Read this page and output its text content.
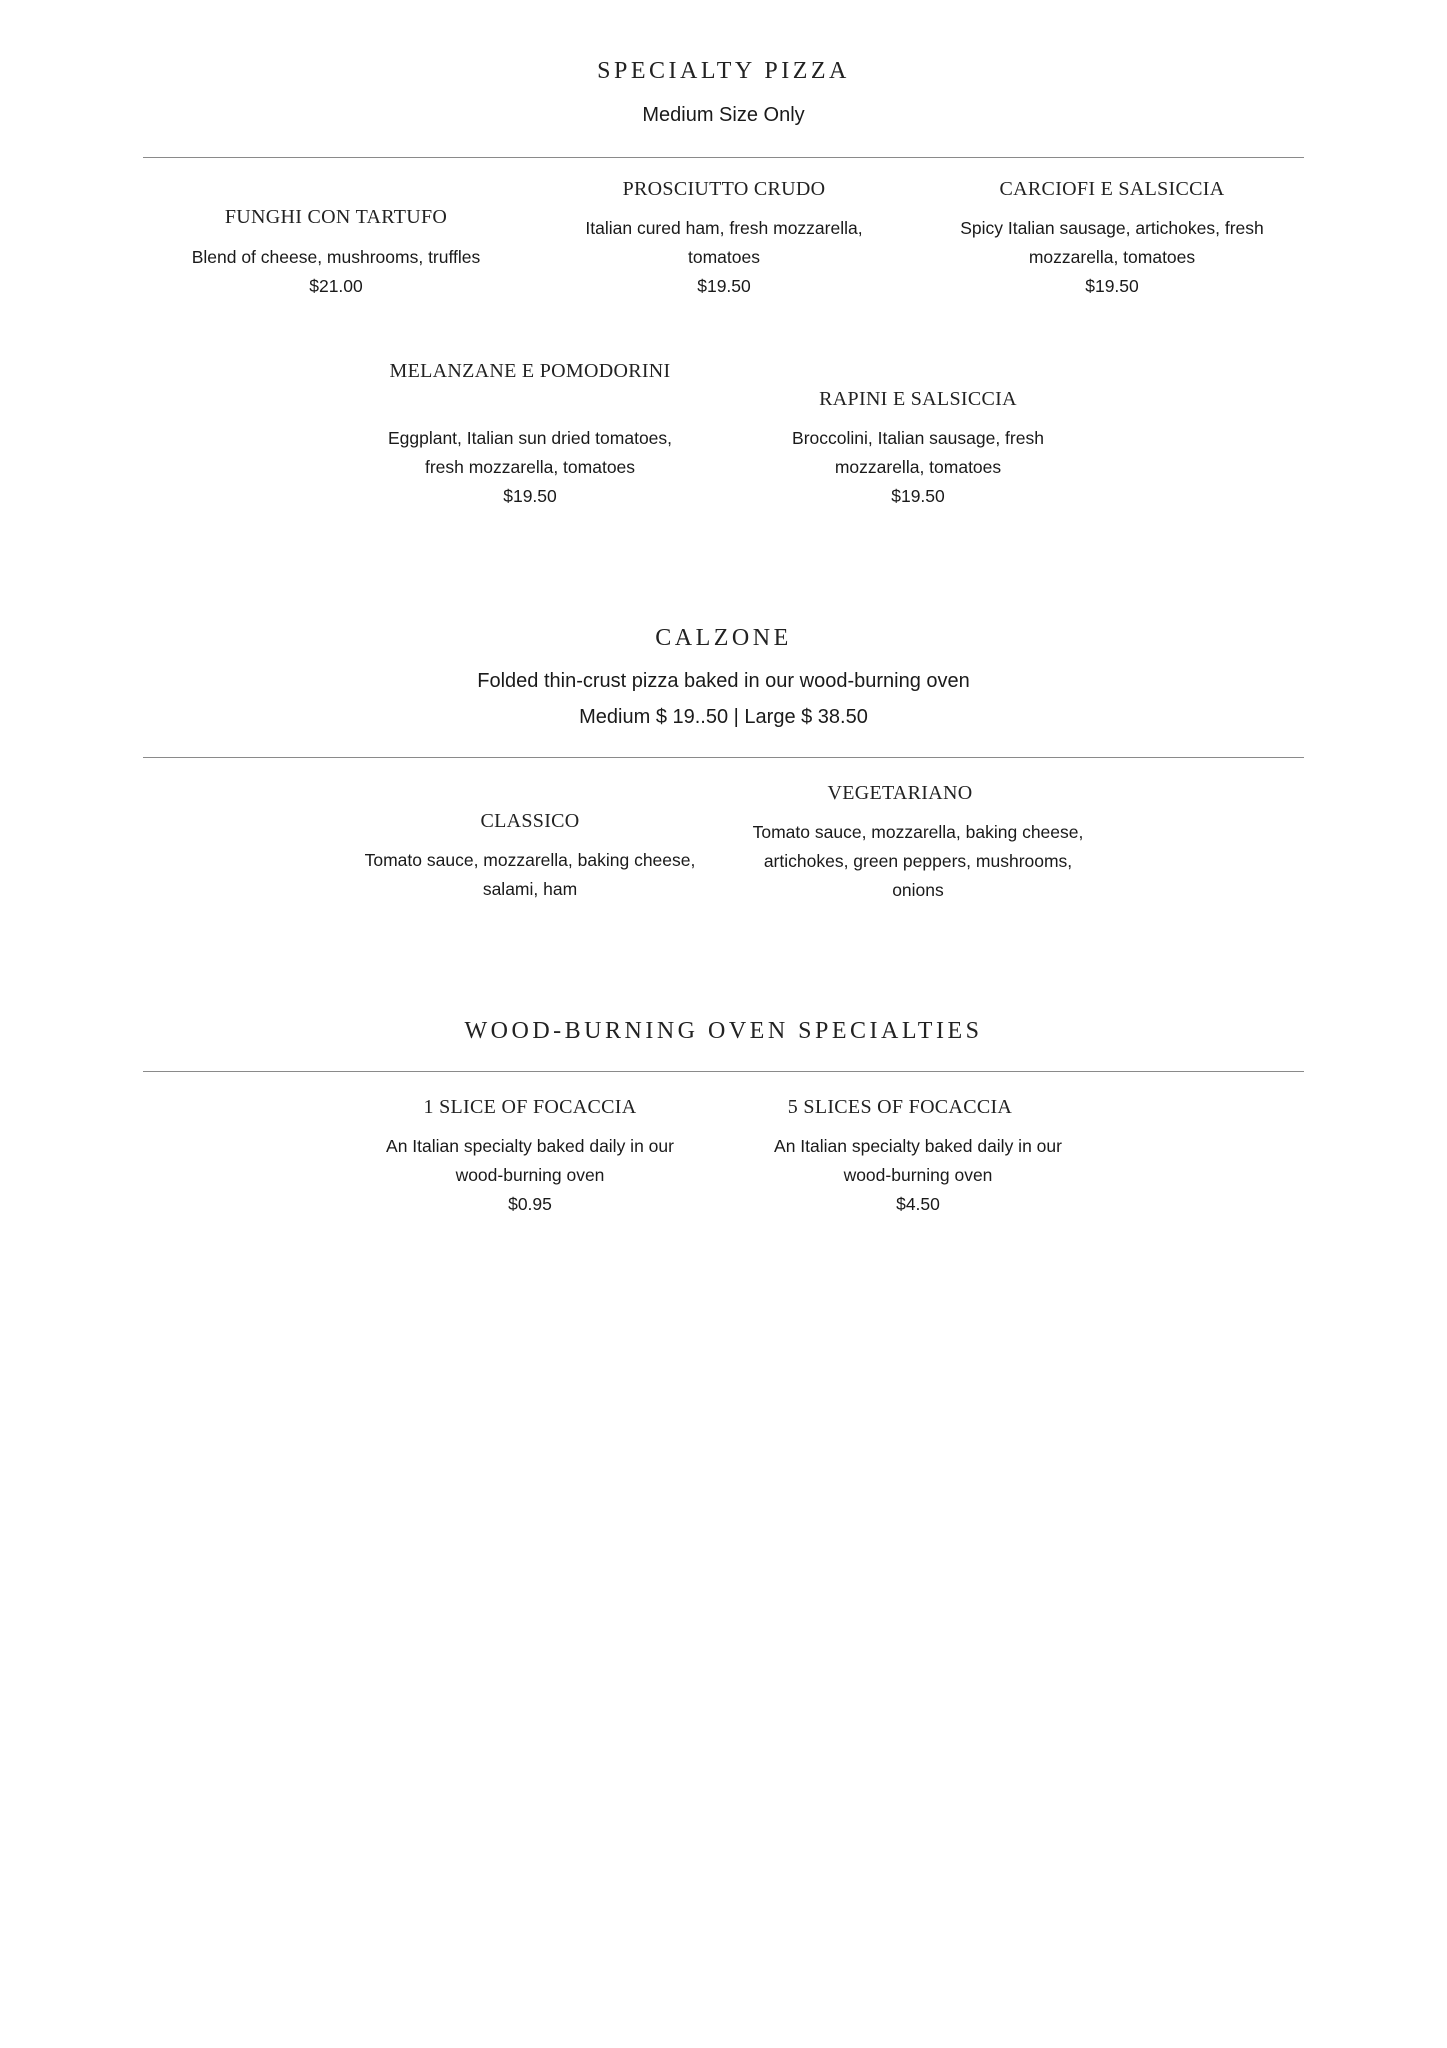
SPECIALTY PIZZA
Medium Size Only
FUNGHI CON TARTUFO
Blend of cheese, mushrooms, truffles
$21.00
PROSCIUTTO CRUDO
Italian cured ham, fresh mozzarella,
tomatoes
$19.50
CARCIOFI E SALSICCIA
Spicy Italian sausage, artichokes, fresh
mozzarella, tomatoes
$19.50
MELANZANE E POMODORINI
Eggplant, Italian sun dried tomatoes,
fresh mozzarella, tomatoes
$19.50
RAPINI E SALSICCIA
Broccolini, Italian sausage, fresh
mozzarella, tomatoes
$19.50
CALZONE
Folded thin-crust pizza baked in our wood-burning oven
Medium $ 19..50 | Large $ 38.50
CLASSICO
Tomato sauce, mozzarella, baking cheese,
salami, ham
VEGETARIANO
Tomato sauce, mozzarella, baking cheese,
artichokes, green peppers, mushrooms,
onions
WOOD-BURNING OVEN SPECIALTIES
1 SLICE OF FOCACCIA
An Italian specialty baked daily in our
wood-burning oven
$0.95
5 SLICES OF FOCACCIA
An Italian specialty baked daily in our
wood-burning oven
$4.50
